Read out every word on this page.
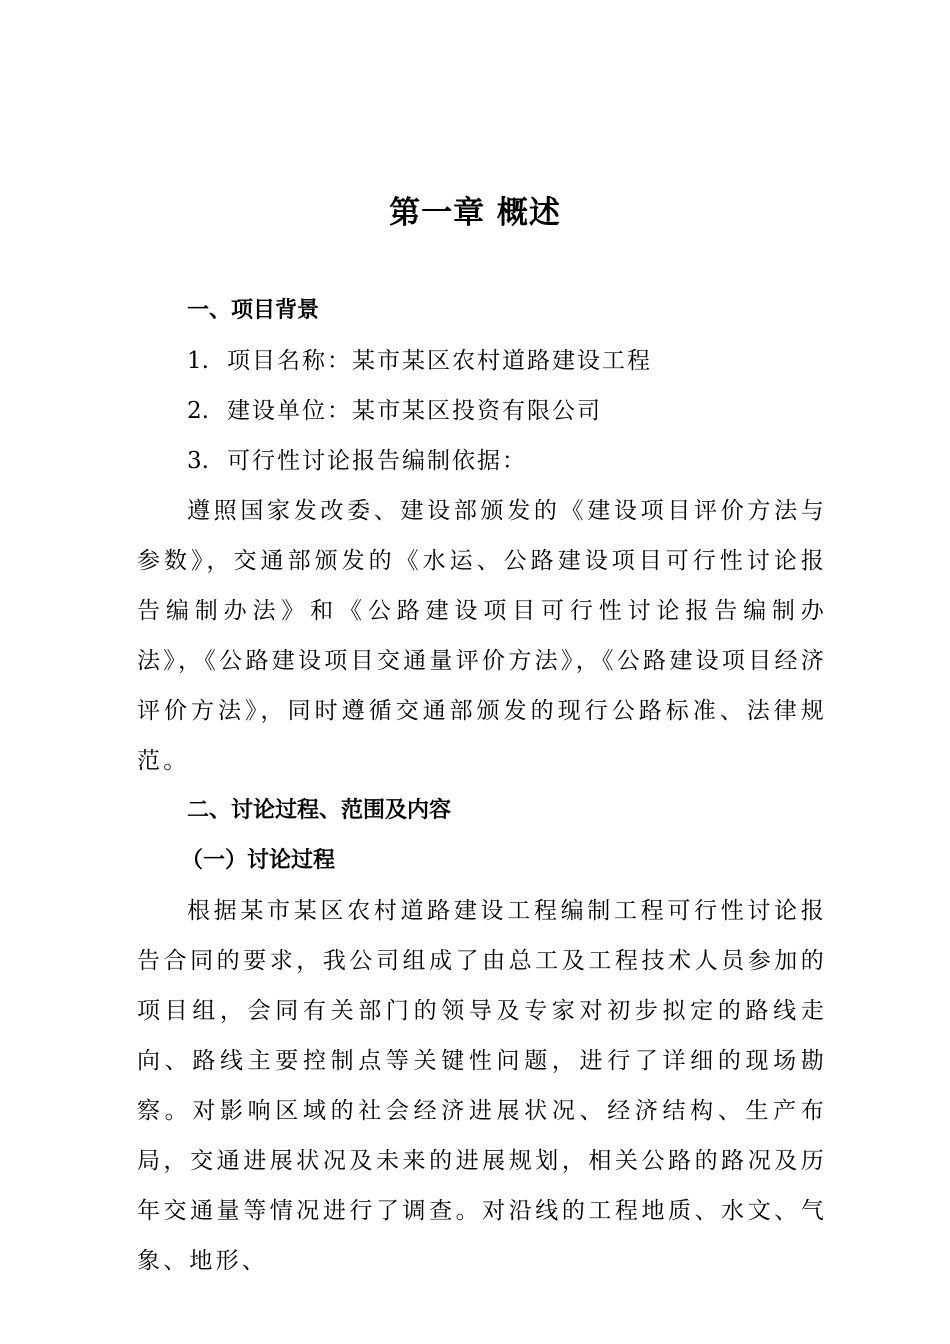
第一章 概述

一、项目背景

1. 项目名称：某市某区农村道路建设工程

2. 建设单位：某市某区投资有限公司

3. 可行性讨论报告编制依据：

遵照国家发改委、建设部颁发的《建设项目评价方法与参数》，交通部颁发的《水运、公路建设项目可行性讨论报告编制办法》和《公路建设项目可行性讨论报告编制办法》，《公路建设项目交通量评价方法》，《公路建设项目经济评价方法》，同时遵循交通部颁发的现行公路标准、法律规范。

二、讨论过程、范围及内容

（一）讨论过程

根据某市某区农村道路建设工程编制工程可行性讨论报告合同的要求，我公司组成了由总工及工程技术人员参加的项目组，会同有关部门的领导及专家对初步拟定的路线走向、路线主要控制点等关键性问题，进行了详细的现场勘察。对影响区域的社会经济进展状况、经济结构、生产布局，交通进展状况及未来的进展规划，相关公路的路况及历年交通量等情况进行了调查。对沿线的工程地质、水文、气象、地形、
